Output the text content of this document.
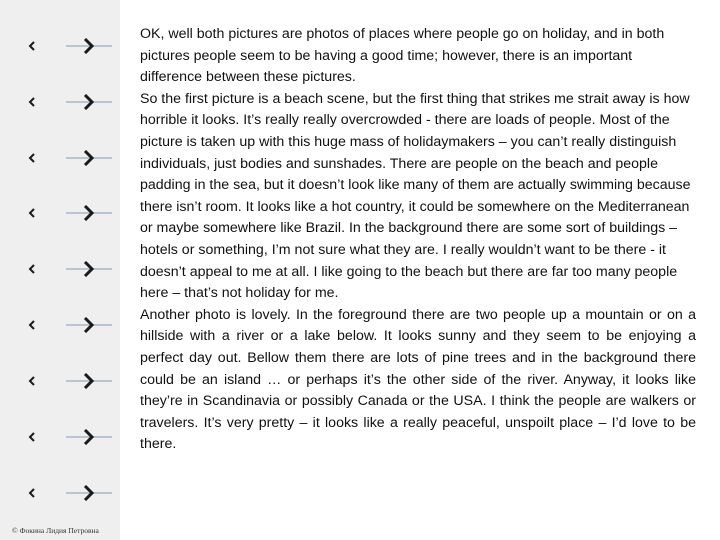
© Фокина Лидия Петровна

OK, well both pictures are photos of places where people go on holiday, and in both pictures people seem to be having a good time; however, there is an important difference between these pictures.

So the first picture is a beach scene, but the first thing that strikes me strait away is how horrible it looks. It’s really really overcrowded - there are loads of people. Most of the picture is taken up with this huge mass of holidaymakers – you can’t really distinguish individuals, just bodies and sunshades. There are people on the beach and people padding in the sea, but it doesn’t look like many of them are actually swimming because there isn’t room. It looks like a hot country, it could be somewhere on the Mediterranean or maybe somewhere like Brazil. In the background there are some sort of buildings – hotels or something, I’m not sure what they are. I really wouldn’t want to be there - it doesn’t appeal to me at all. I like going to the beach but there are far too many people here – that’s not holiday for me.

Another photo is lovely. In the foreground there are two people up a mountain or on a hillside with a river or a lake below. It looks sunny and they seem to be enjoying a perfect day out. Bellow them there are lots of pine trees and in the background there could be an island … or perhaps it’s the other side of the river. Anyway, it looks like they’re in Scandinavia or possibly Canada or the USA. I think the people are walkers or travelers. It’s very pretty – it looks like a really peaceful, unspoilt place – I’d love to be there.
